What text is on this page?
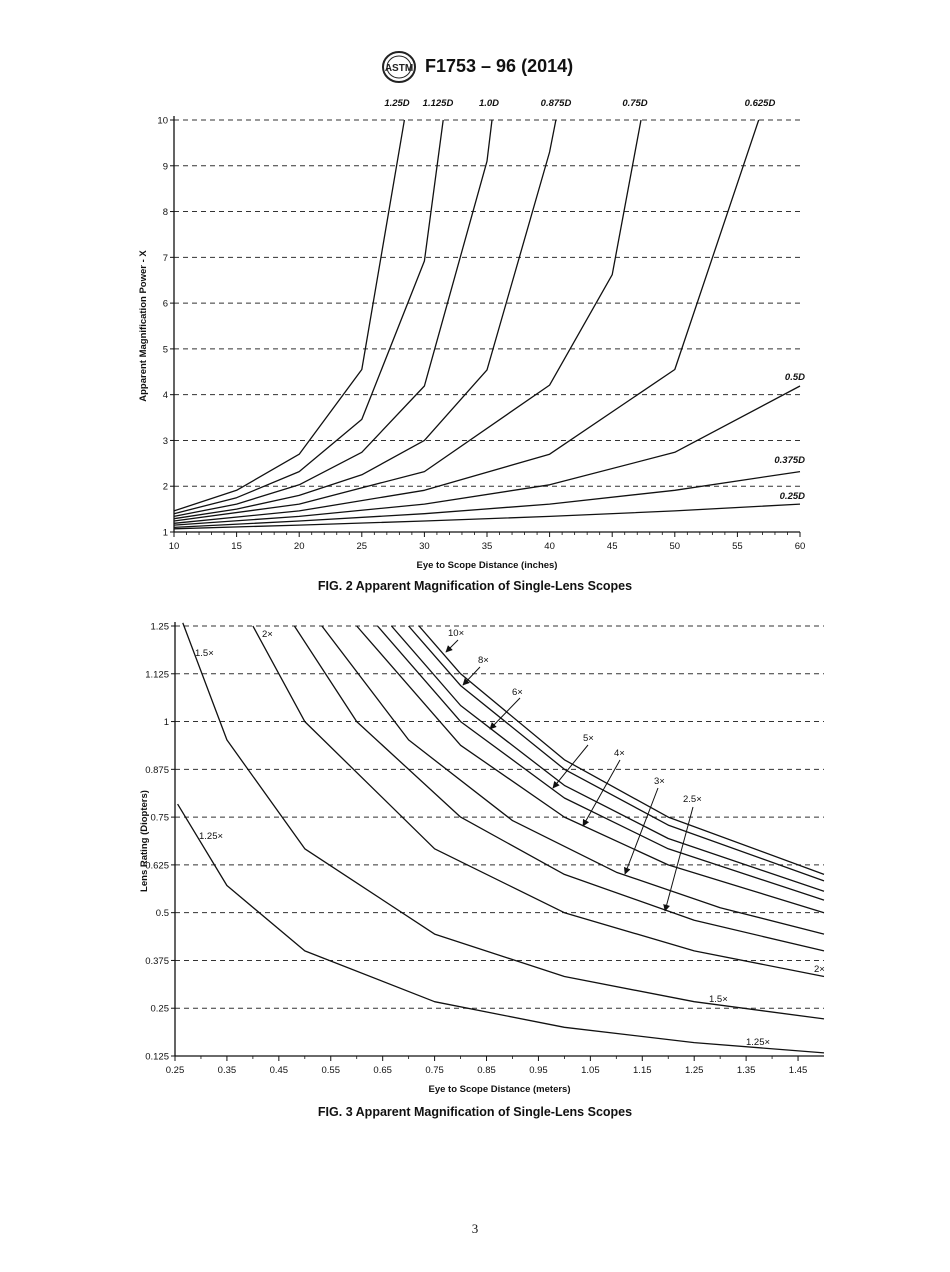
ASTM F1753 – 96 (2014)
1
2
3
4
5
6
7
8
9
10
10	15	20	25	30	35	40	45	50	55	60
Eye to Scope Distance (inches)
Apparent Magnification Power - X
1.25D 1.125D	1.0D	0.875D	0.75D	0.625D
0.5D
0.375D
0.25D
FIG. 2 Apparent Magnification of Single-Lens Scopes
0.125
0.25
0.375
0.5
0.625
0.75
0.875
1
1.125
1.25
0.25	0.35	0.45	0.55	0.65	0.75	0.85	0.95	1.05	1.15	1.25	1.35	1.45
Eye to Scope Distance (meters)
Lens Rating (Diopters)
1.5×
1.25×
2×
2×
1.5×
1.25×
10×
8×
6×
5×
4×
3×
2.5×
FIG. 3 Apparent Magnification of Single-Lens Scopes
3
